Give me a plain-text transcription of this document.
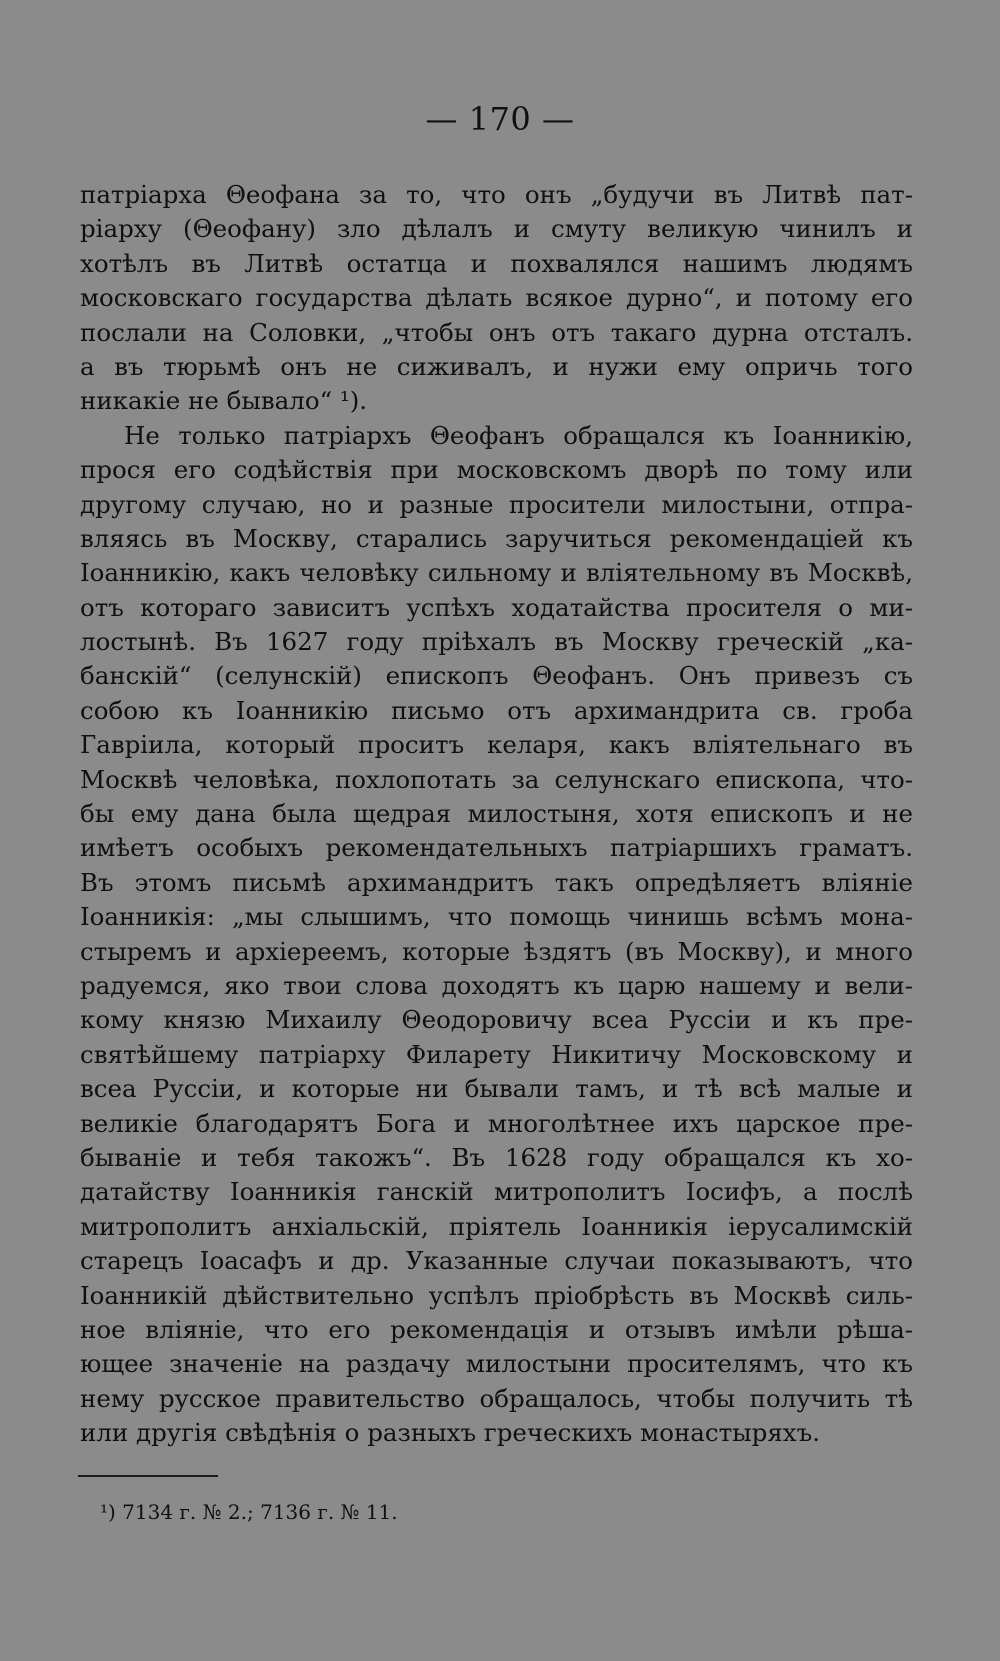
— 170 —
патріарха Θеофана за то, что онъ „будучи въ Литвѣ пат-
ріарху (Θеофану) зло дѣлалъ и смуту великую чинилъ и
хотѣлъ въ Литвѣ остатца и похвалялся нашимъ людямъ
московскаго государства дѣлать всякое дурно“, и потому его
послали на Соловки, „чтобы онъ отъ такаго дурна отсталъ.
а въ тюрьмѣ онъ не сиживалъ, и нужи ему опричь того
никакіе не бывало“ ¹).
Не только патріархъ Θеофанъ обращался къ Іоанникію,
прося его содѣйствія при московскомъ дворѣ по тому или
другому случаю, но и разные просители милостыни, отпра-
вляясь въ Москву, старались заручиться рекомендаціей къ
Іоанникію, какъ человѣку сильному и вліятельному въ Москвѣ,
отъ котораго зависитъ успѣхъ ходатайства просителя о ми-
лостынѣ. Въ 1627 году пріѣхалъ въ Москву греческій „ка-
банскій“ (селунскій) епископъ Θеофанъ. Онъ привезъ съ
собою къ Іоанникію письмо отъ архимандрита св. гроба
Гавріила, который проситъ келаря, какъ вліятельнаго въ
Москвѣ человѣка, похлопотать за селунскаго епископа, что-
бы ему дана была щедрая милостыня, хотя епископъ и не
имѣетъ особыхъ рекомендательныхъ патріаршихъ граматъ.
Въ этомъ письмѣ архимандритъ такъ опредѣляетъ вліяніе
Іоанникія: „мы слышимъ, что помощь чинишь всѣмъ мона-
стыремъ и архіереемъ, которые ѣздятъ (въ Москву), и много
радуемся, яко твои слова доходятъ къ царю нашему и вели-
кому князю Михаилу Θеодоровичу всеа Руссіи и къ пре-
святѣйшему патріарху Филарету Никитичу Московскому и
всеа Руссіи, и которые ни бывали тамъ, и тѣ всѣ малые и
великіе благодарятъ Бога и многолѣтнее ихъ царское пре-
бываніе и тебя такожъ“. Въ 1628 году обращался къ хо-
датайству Іоанникія ганскій митрополитъ Іосифъ, а послѣ
митрополитъ анхіальскій, пріятель Іоанникія іерусалимскій
старецъ Іоасафъ и др. Указанные случаи показываютъ, что
Іоанникій дѣйствительно успѣлъ пріобрѣсть въ Москвѣ силь-
ное вліяніе, что его рекомендація и отзывъ имѣли рѣша-
ющее значеніе на раздачу милостыни просителямъ, что къ
нему русское правительство обращалось, чтобы получить тѣ
или другія свѣдѣнія о разныхъ греческихъ монастыряхъ.
¹) 7134 г. № 2.; 7136 г. № 11.
